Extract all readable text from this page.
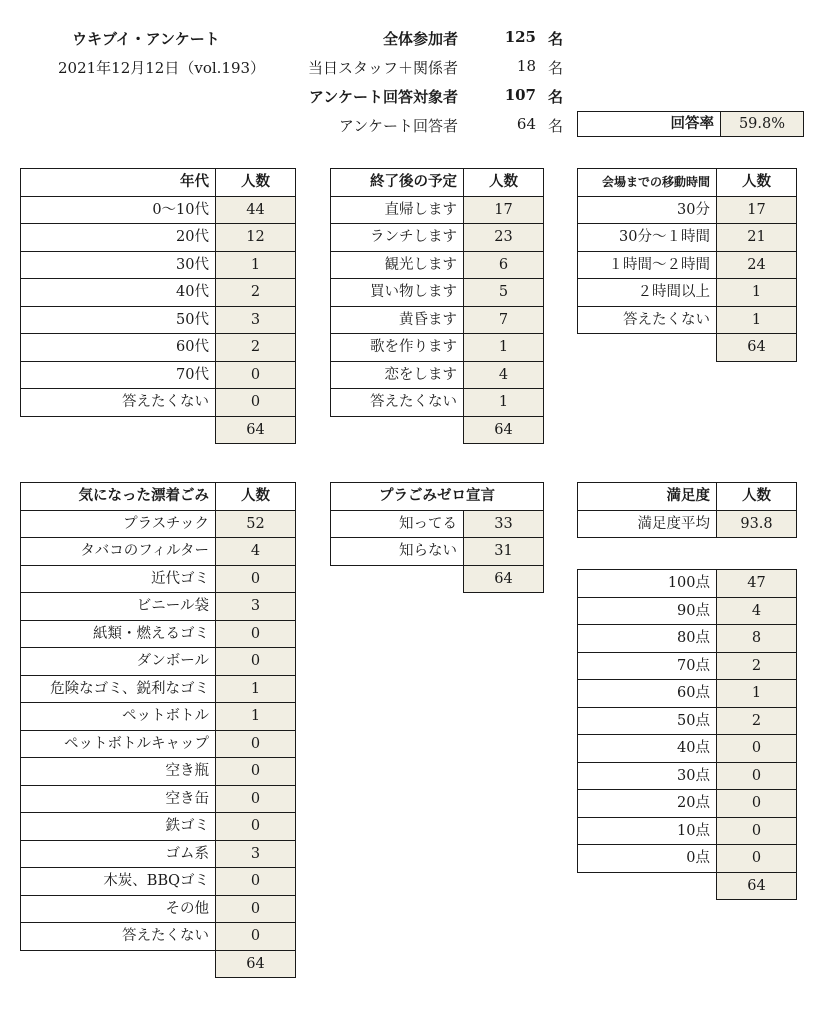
ウキブイ・アンケート
2021年12月12日（vol.193）
全体参加者	125 名
当日スタッフ＋関係者	18 名
アンケート回答対象者	107 名
アンケート回答者	64 名	回答率	59.8%
年代	人数
0〜10代	44
20代	12
30代	1
40代	2
50代	3
60代	2
70代	0
答えたくない	0
	64
終了後の予定	人数
直帰します	17
ランチします	23
観光します	6
買い物します	5
黄昏ます	7
歌を作ります	1
恋をします	4
答えたくない	1
	64
会場までの移動時間	人数
30分	17
30分〜１時間	21
１時間〜２時間	24
２時間以上	1
答えたくない	1
	64
気になった漂着ごみ	人数
プラスチック	52
タバコのフィルター	4
近代ゴミ	0
ビニール袋	3
紙類・燃えるゴミ	0
ダンボール	0
危険なゴミ、鋭利なゴミ	1
ペットボトル	1
ペットボトルキャップ	0
空き瓶	0
空き缶	0
鉄ゴミ	0
ゴム系	3
木炭、BBQゴミ	0
その他	0
答えたくない	0
	64
プラごみゼロ宣言	
知ってる	33
知らない	31
	64
満足度	人数
満足度平均	93.8
100点	47
90点	4
80点	8
70点	2
60点	1
50点	2
40点	0
30点	0
20点	0
10点	0
0点	0
	64
